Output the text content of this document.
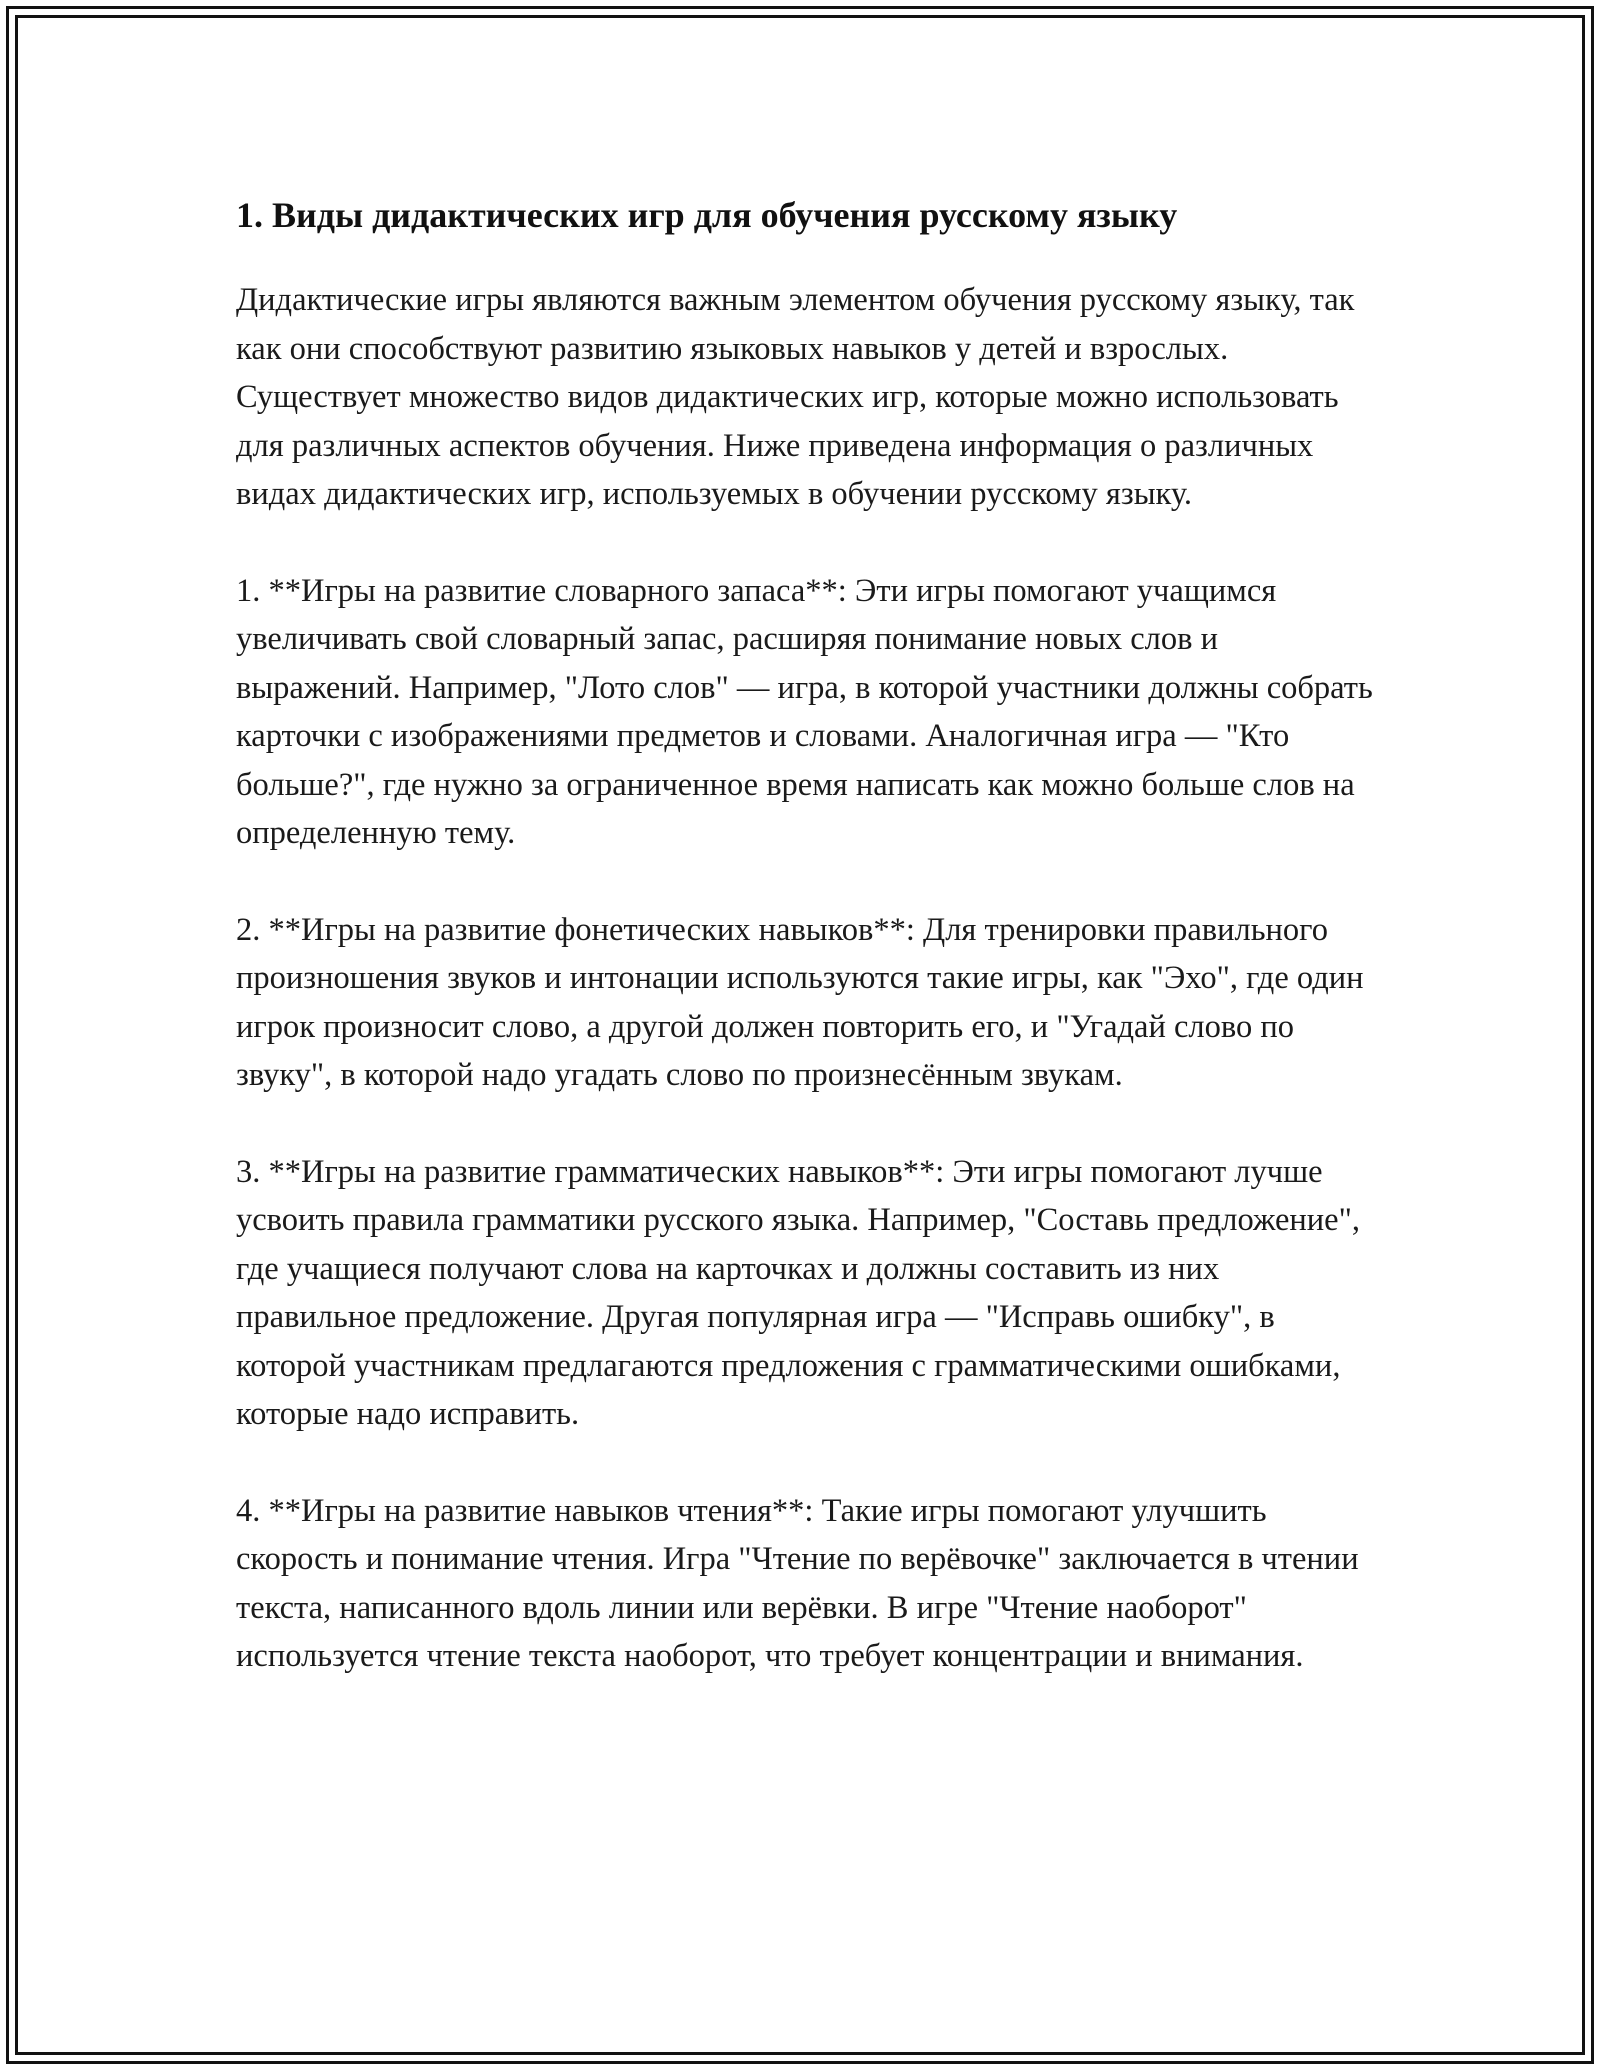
1. Виды дидактических игр для обучения русскому языку

Дидактические игры являются важным элементом обучения русскому языку, так как они способствуют развитию языковых навыков у детей и взрослых. Существует множество видов дидактических игр, которые можно использовать для различных аспектов обучения. Ниже приведена информация о различных видах дидактических игр, используемых в обучении русскому языку.

1. **Игры на развитие словарного запаса**: Эти игры помогают учащимся увеличивать свой словарный запас, расширяя понимание новых слов и выражений. Например, "Лото слов" — игра, в которой участники должны собрать карточки с изображениями предметов и словами. Аналогичная игра — "Кто больше?", где нужно за ограниченное время написать как можно больше слов на определенную тему.

2. **Игры на развитие фонетических навыков**: Для тренировки правильного произношения звуков и интонации используются такие игры, как "Эхо", где один игрок произносит слово, а другой должен повторить его, и "Угадай слово по звуку", в которой надо угадать слово по произнесённым звукам.

3. **Игры на развитие грамматических навыков**: Эти игры помогают лучше усвоить правила грамматики русского языка. Например, "Составь предложение", где учащиеся получают слова на карточках и должны составить из них правильное предложение. Другая популярная игра — "Исправь ошибку", в которой участникам предлагаются предложения с грамматическими ошибками, которые надо исправить.

4. **Игры на развитие навыков чтения**: Такие игры помогают улучшить скорость и понимание чтения. Игра "Чтение по верёвочке" заключается в чтении текста, написанного вдоль линии или верёвки. В игре "Чтение наоборот" используется чтение текста наоборот, что требует концентрации и внимания.
